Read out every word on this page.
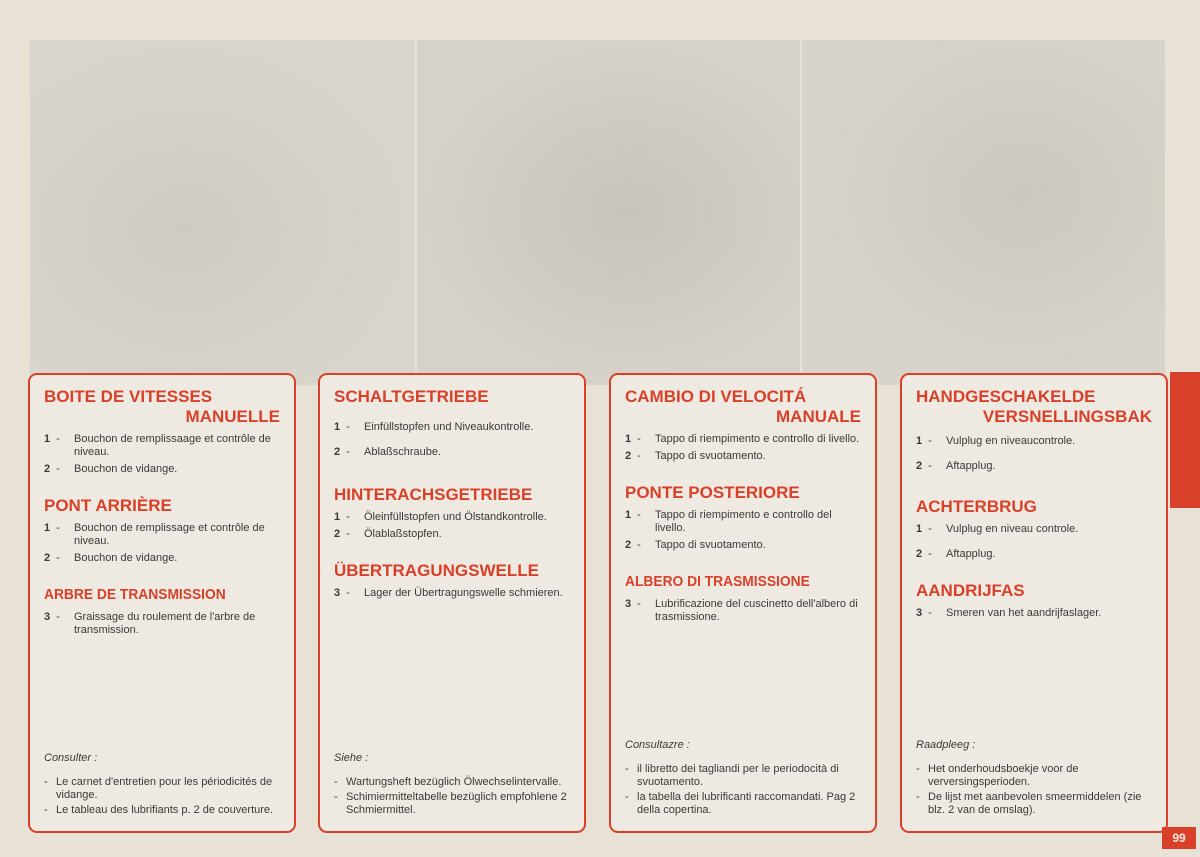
BOITE DE VITESSES
MANUELLE
1 -	Bouchon de remplissaage et contrôle de niveau.
2 -	Bouchon de vidange.
PONT ARRIÈRE
1 -	Bouchon de remplissage et contrôle de niveau.
2 -	Bouchon de vidange.
ARBRE DE TRANSMISSION
3 -	Graissage du roulement de l'arbre de transmission.
Consulter :
- Le carnet d'entretien pour les périodicités de vidange.
- Le tableau des lubrifiants p. 2 de couverture.
SCHALTGETRIEBE
1 -	Einfüllstopfen und Niveaukontrolle.
2 -	Ablaßschraube.
HINTERACHSGETRIEBE
1 -	Öleinfüllstopfen und Ölstandkontrolle.
2 -	Ölablaßstopfen.
ÜBERTRAGUNGSWELLE
3 -	Lager der Übertragungswelle schmieren.
Siehe :
- Wartungsheft bezüglich Ölwechselintervalle.
- Schimiermitteltabelle bezüglich empfohlene 2 Schmiermittel.
CAMBIO DI VELOCITÁ
MANUALE
1 -	Tappo di riempimento e controllo di livello.
2 -	Tappo di svuotamento.
PONTE POSTERIORE
1 -	Tappo di riempimento e controllo del livello.
2 -	Tappo di svuotamento.
ALBERO DI TRASMISSIONE
3 -	Lubrificazione del cuscinetto dell'albero di trasmissione.
Consultazre :
- il libretto dei tagliandi per le periodocità di svuotamento.
- la tabella dei lubrificanti raccomandati. Pag 2 della copertina.
HANDGESCHAKELDE
VERSNELLINGSBAK
1 -	Vulplug en niveaucontrole.
2 -	Aftapplug.
ACHTERBRUG
1 -	Vulplug en niveau controle.
2 -	Aftapplug.
AANDRIJFAS
3 -	Smeren van het aandrijfaslager.
Raadpleeg :
- Het onderhoudsboekje voor de verversingsperioden.
- De lijst met aanbevolen smeermiddelen (zie blz. 2 van de omslag).
99
